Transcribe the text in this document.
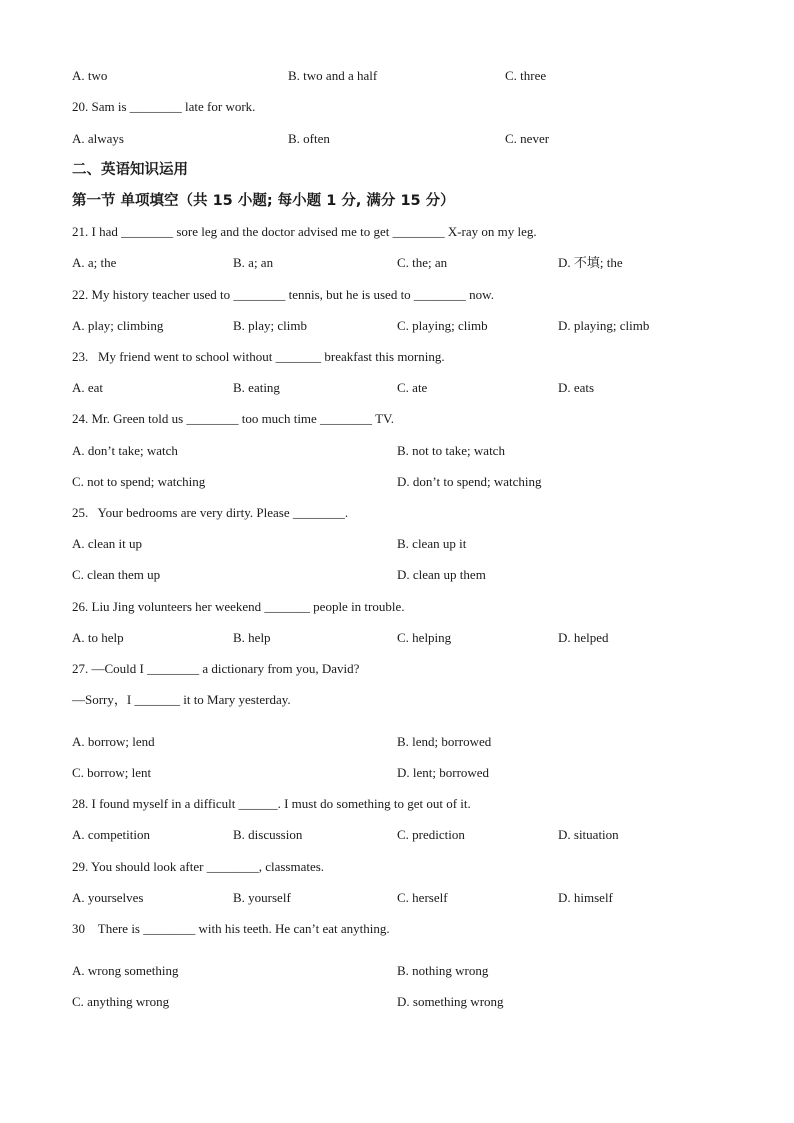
A. two	B. two and a half	C. three
20. Sam is ________ late for work.
A. always	B. often	C. never
二、英语知识运用
第一节 单项填空（共 15 小题; 每小题 1 分, 满分 15 分）
21. I had ________ sore leg and the doctor advised me to get ________ X-ray on my leg.
A. a; the	B. a; an	C. the; an	D. 不填; the
22. My history teacher used to ________ tennis, but he is used to ________ now.
A. play; climbing	B. play; climb	C. playing; climb	D. playing; climb
23.   My friend went to school without _______ breakfast this morning.
A. eat	B. eating	C. ate	D. eats
24. Mr. Green told us ________ too much time ________ TV.
A. don’t take; watch	B. not to take; watch
C. not to spend; watching	D. don’t to spend; watching
25.   Your bedrooms are very dirty. Please ________.
A. clean it up	B. clean up it
C. clean them up	D. clean up them
26. Liu Jing volunteers her weekend _______ people in trouble.
A. to help	B. help	C. helping	D. helped
27. —Could I ________ a dictionary from you, David?
—Sorry，I _______ it to Mary yesterday.
A. borrow; lend	B. lend; borrowed
C. borrow; lent	D. lent; borrowed
28. I found myself in a difficult ______. I must do something to get out of it.
A. competition	B. discussion	C. prediction	D. situation
29. You should look after ________, classmates.
A. yourselves	B. yourself	C. herself	D. himself
30    There is ________ with his teeth. He can’t eat anything.
A. wrong something	B. nothing wrong
C. anything wrong	D. something wrong
